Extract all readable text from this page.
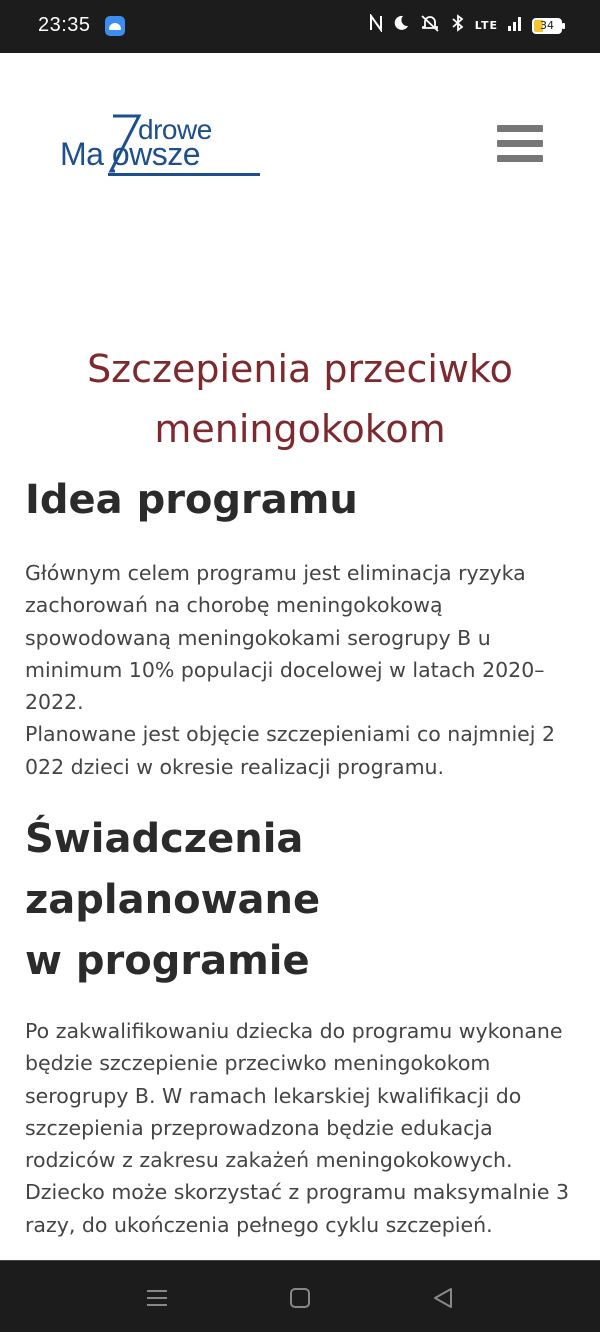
23:35	LTE	34
drowe
Ma owsze
Szczepienia przeciwko meningokokom
Idea programu

Głównym celem programu jest eliminacja ryzyka zachorowań na chorobę meningokokową spowodowaną meningokokami serogrupy B u minimum 10% populacji docelowej w latach 2020–2022.

Planowane jest objęcie szczepieniami co najmniej 2 022 dzieci w okresie realizacji programu.

Świadczenia
zaplanowane
w programie

Po zakwalifikowaniu dziecka do programu wykonane będzie szczepienie przeciwko meningokokom serogrupy B. W ramach lekarskiej kwalifikacji do szczepienia przeprowadzona będzie edukacja rodziców z zakresu zakażeń meningokokowych. Dziecko może skorzystać z programu maksymalnie 3 razy, do ukończenia pełnego cyklu szczepień.
